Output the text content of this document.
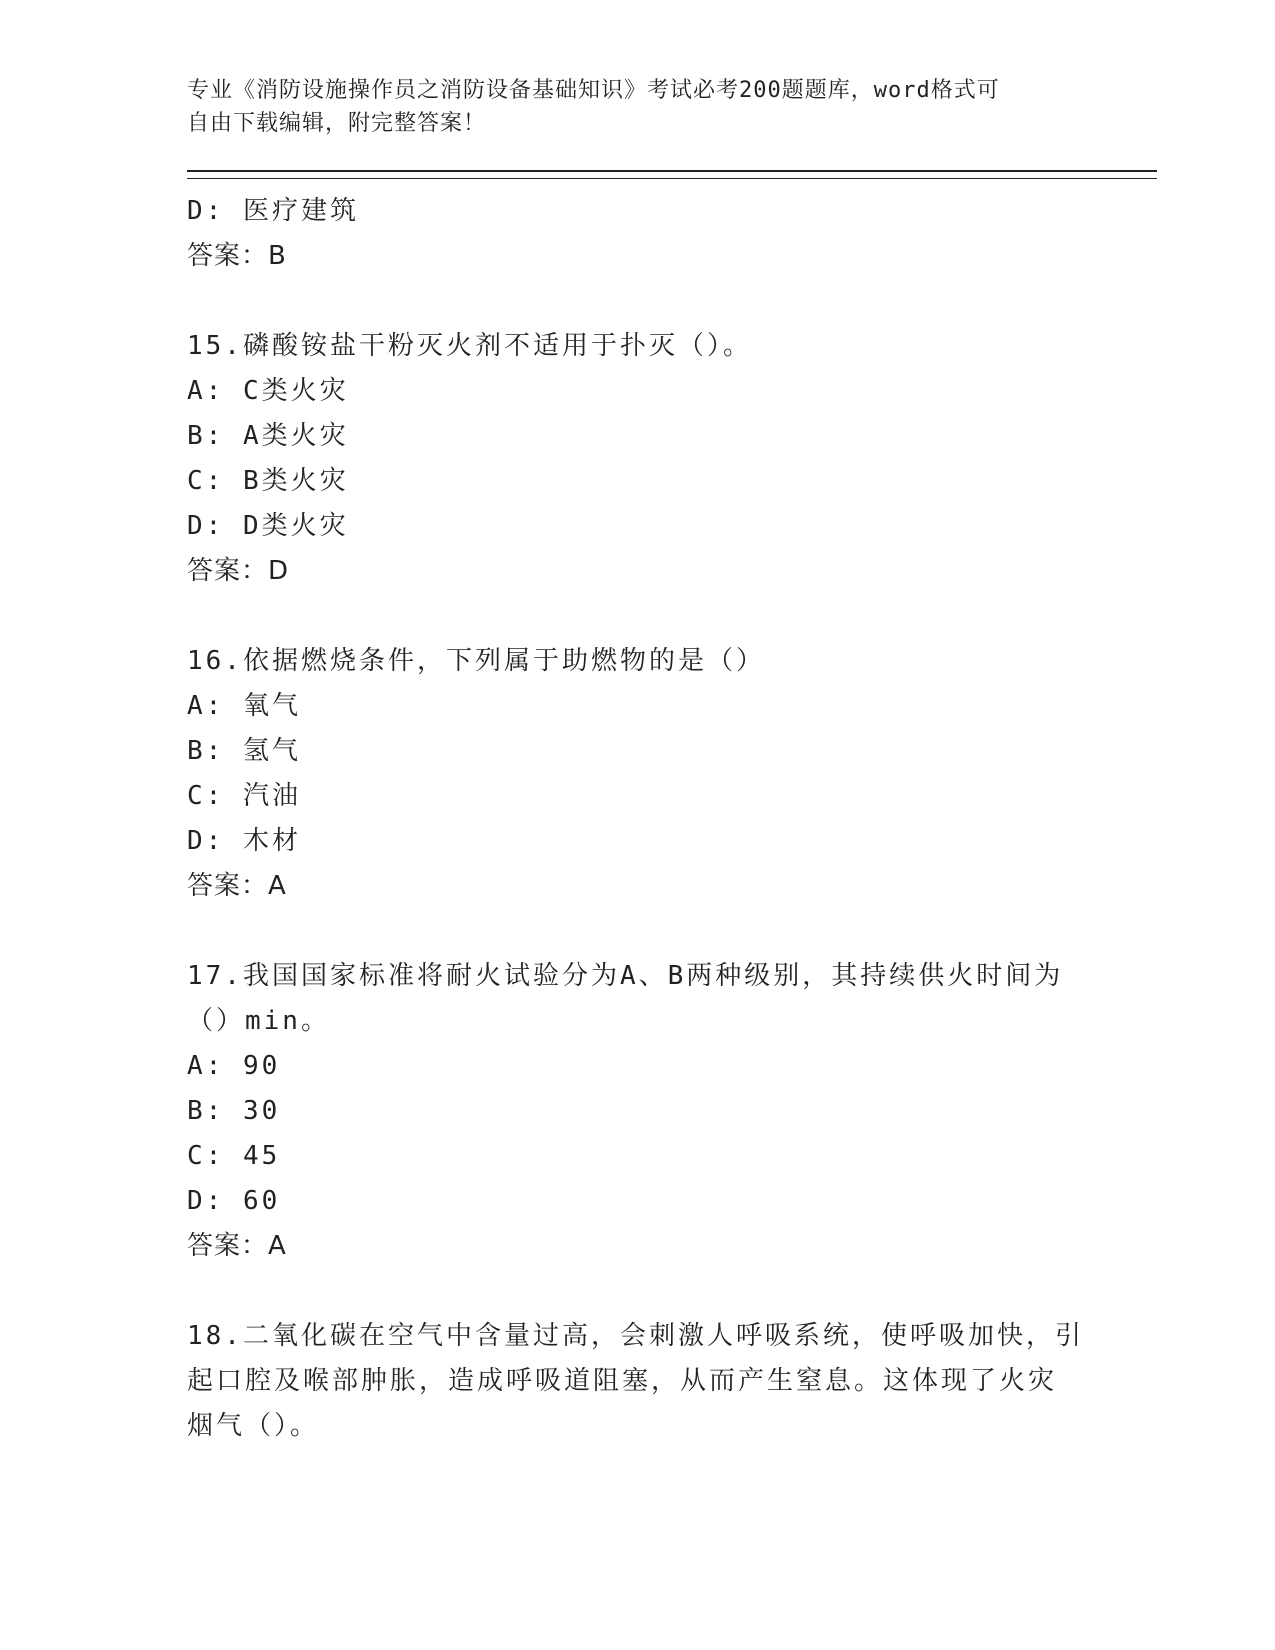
专业《消防设施操作员之消防设备基础知识》考试必考200题题库，word格式可

自由下载编辑，附完整答案！

D: 医疗建筑

答案：B

15.磷酸铵盐干粉灭火剂不适用于扑灭（）。

A: C类火灾

B: A类火灾

C: B类火灾

D: D类火灾

答案：D

16.依据燃烧条件，下列属于助燃物的是（）

A: 氧气

B: 氢气

C: 汽油

D: 木材

答案：A

17.我国国家标准将耐火试验分为A、B两种级别，其持续供火时间为

（）min。

A: 90

B: 30

C: 45

D: 60

答案：A

18.二氧化碳在空气中含量过高，会刺激人呼吸系统，使呼吸加快，引

起口腔及喉部肿胀，造成呼吸道阻塞，从而产生窒息。这体现了火灾

烟气（）。
